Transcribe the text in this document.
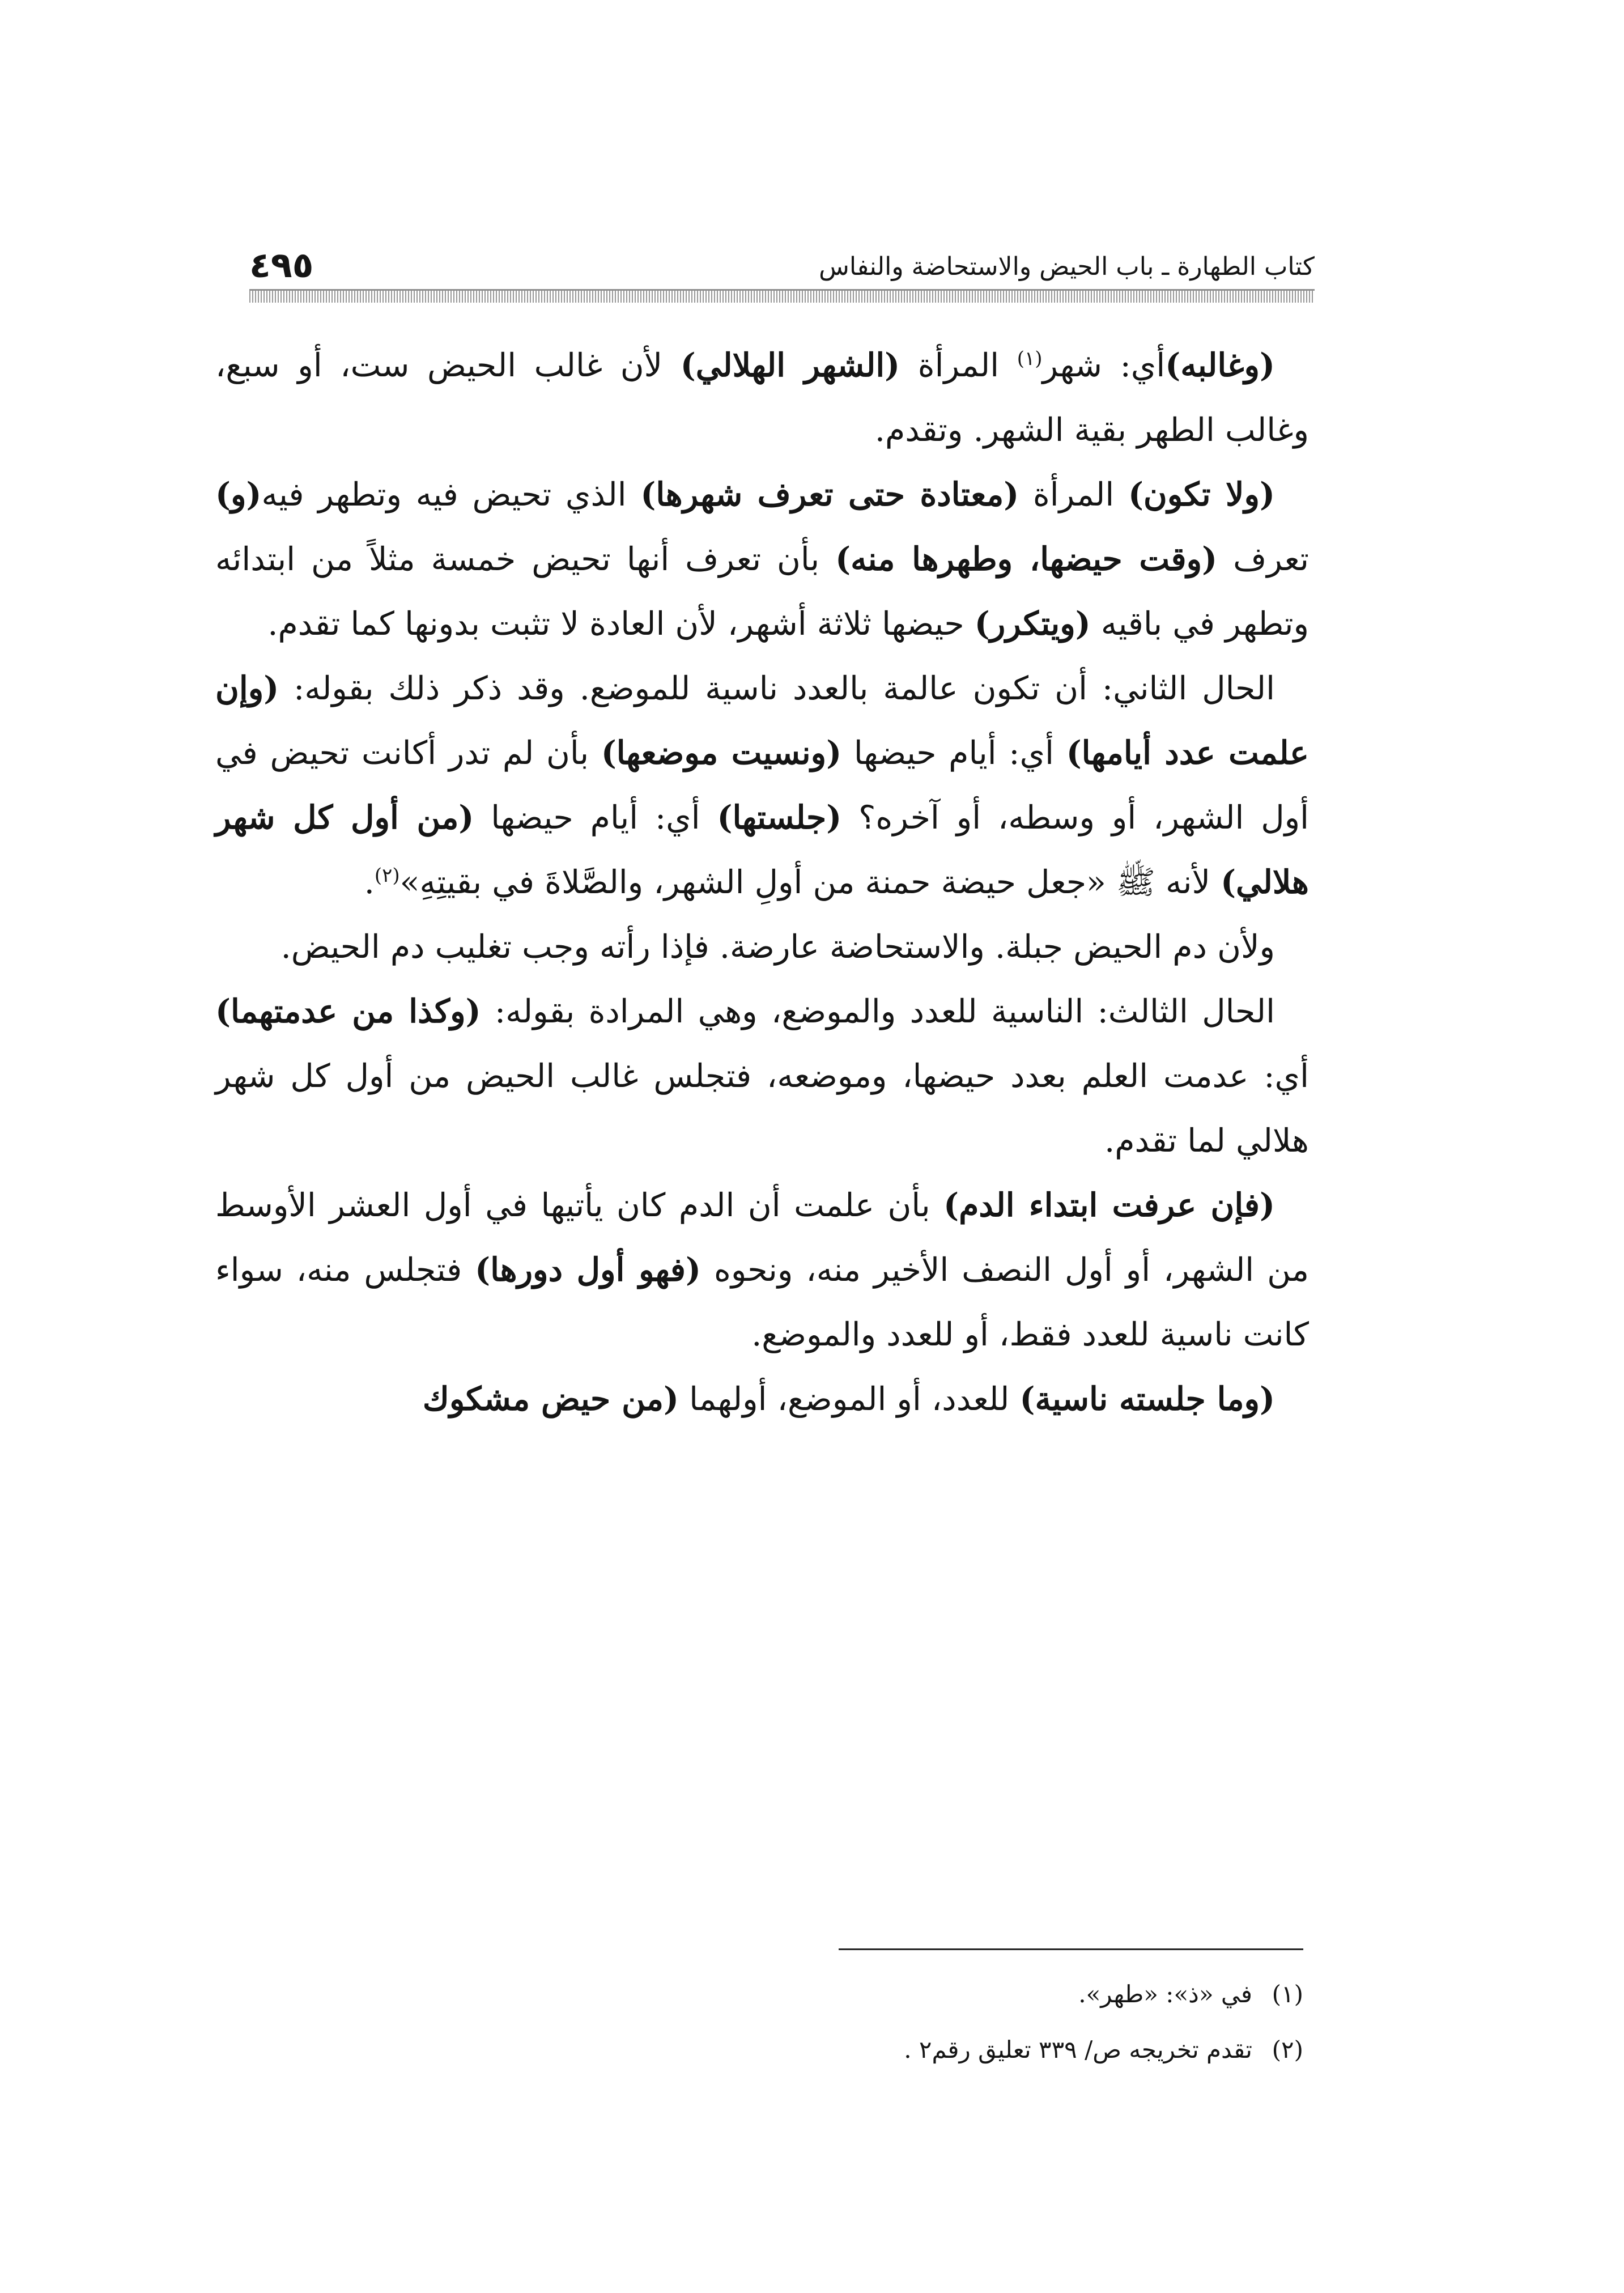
كتاب الطهارة ـ باب الحيض والاستحاضة والنفاس
٤٩٥

(وغالبه)أي: شهر$^{(١)}$ المرأة (الشهر الهلالي) لأن غالب الحيض ست، أو سبع، وغالب الطهر بقية الشهر. وتقدم.

(ولا تكون) المرأة (معتادة حتى تعرف شهرها) الذي تحيض فيه وتطهر فيه(و) تعرف (وقت حيضها، وطهرها منه) بأن تعرف أنها تحيض خمسة مثلاً من ابتدائه وتطهر في باقيه (ويتكرر) حيضها ثلاثة أشهر، لأن العادة لا تثبت بدونها كما تقدم.

الحال الثاني: أن تكون عالمة بالعدد ناسية للموضع. وقد ذكر ذلك بقوله: (وإن علمت عدد أيامها) أي: أيام حيضها (ونسيت موضعها) بأن لم تدر أكانت تحيض في أول الشهر، أو وسطه، أو آخره؟ (جلستها) أي: أيام حيضها (من أول كل شهر هلالي) لأنه ﷺ «جعل حيضة حمنة من أولِ الشهر، والصَّلاةَ في بقيتِهِ»$^{(٢)}$.

ولأن دم الحيض جبلة. والاستحاضة عارضة. فإذا رأته وجب تغليب دم الحيض.

الحال الثالث: الناسية للعدد والموضع، وهي المرادة بقوله: (وكذا من عدمتهما) أي: عدمت العلم بعدد حيضها، وموضعه، فتجلس غالب الحيض من أول كل شهر هلالي لما تقدم.

(فإن عرفت ابتداء الدم) بأن علمت أن الدم كان يأتيها في أول العشر الأوسط من الشهر، أو أول النصف الأخير منه، ونحوه (فهو أول دورها) فتجلس منه، سواء كانت ناسية للعدد فقط، أو للعدد والموضع.

(وما جلسته ناسية) للعدد، أو الموضع، أولهما (من حيض مشكوك

(١)
في «ذ»: «طهر».
(٢)
تقدم تخريجه ص/ ٣٣٩ تعليق رقم٢ .
